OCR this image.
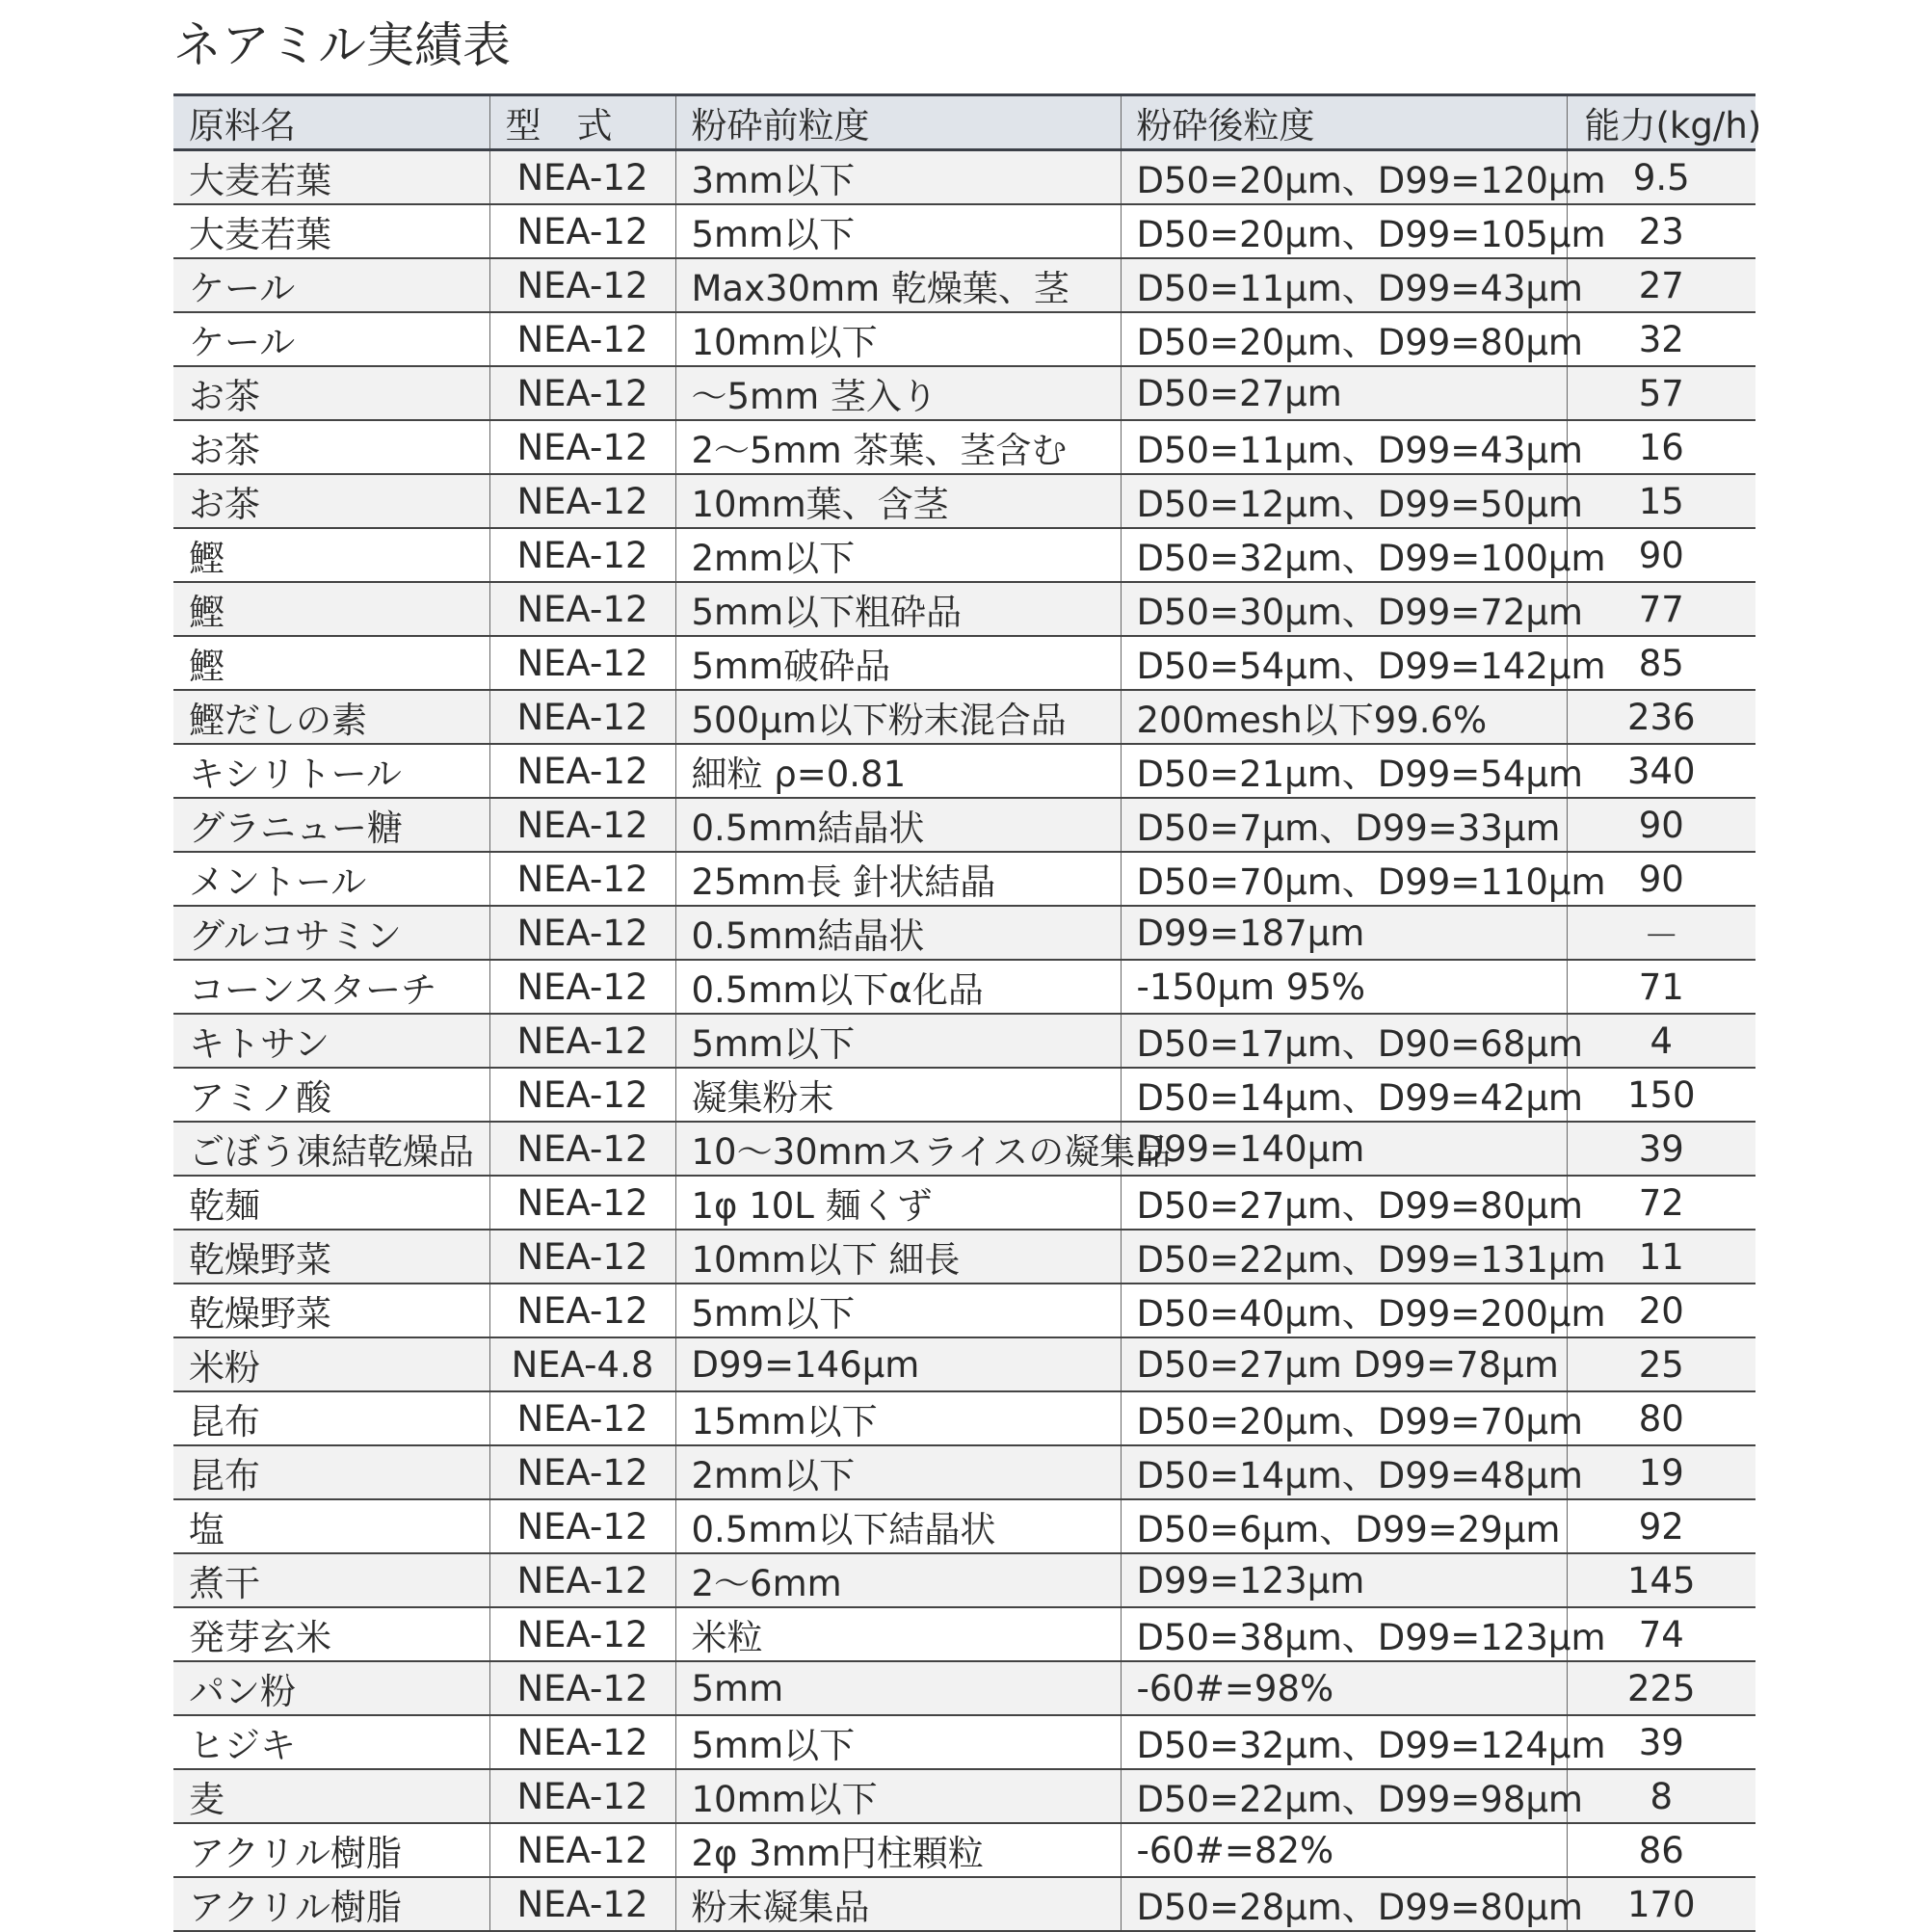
ネアミル実績表
原料名	型　式	粉砕前粒度	粉砕後粒度	能力(kg/h)
大麦若葉	NEA-12	3mm以下	D50=20μm、D99=120μm	9.5
大麦若葉	NEA-12	5mm以下	D50=20μm、D99=105μm	23
ケール	NEA-12	Max30mm 乾燥葉、茎	D50=11μm、D99=43μm	27
ケール	NEA-12	10mm以下	D50=20μm、D99=80μm	32
お茶	NEA-12	～5mm 茎入り	D50=27μm	57
お茶	NEA-12	2～5mm 茶葉、茎含む	D50=11μm、D99=43μm	16
お茶	NEA-12	10mm葉、含茎	D50=12μm、D99=50μm	15
鰹	NEA-12	2mm以下	D50=32μm、D99=100μm	90
鰹	NEA-12	5mm以下粗砕品	D50=30μm、D99=72μm	77
鰹	NEA-12	5mm破砕品	D50=54μm、D99=142μm	85
鰹だしの素	NEA-12	500μm以下粉末混合品	200mesh以下99.6%	236
キシリトール	NEA-12	細粒 ρ=0.81	D50=21μm、D99=54μm	340
グラニュー糖	NEA-12	0.5mm結晶状	D50=7μm、D99=33μm	90
メントール	NEA-12	25mm長 針状結晶	D50=70μm、D99=110μm	90
グルコサミン	NEA-12	0.5mm結晶状	D99=187μm	－
コーンスターチ	NEA-12	0.5mm以下α化品	-150μm 95%	71
キトサン	NEA-12	5mm以下	D50=17μm、D90=68μm	4
アミノ酸	NEA-12	凝集粉末	D50=14μm、D99=42μm	150
ごぼう凍結乾燥品	NEA-12	10～30mmスライスの凝集品	D99=140μm	39
乾麺	NEA-12	1φ 10L 麺くず	D50=27μm、D99=80μm	72
乾燥野菜	NEA-12	10mm以下 細長	D50=22μm、D99=131μm	11
乾燥野菜	NEA-12	5mm以下	D50=40μm、D99=200μm	20
米粉	NEA-4.8	D99=146μm	D50=27μm D99=78μm	25
昆布	NEA-12	15mm以下	D50=20μm、D99=70μm	80
昆布	NEA-12	2mm以下	D50=14μm、D99=48μm	19
塩	NEA-12	0.5mm以下結晶状	D50=6μm、D99=29μm	92
煮干	NEA-12	2～6mm	D99=123μm	145
発芽玄米	NEA-12	米粒	D50=38μm、D99=123μm	74
パン粉	NEA-12	5mm	-60#=98%	225
ヒジキ	NEA-12	5mm以下	D50=32μm、D99=124μm	39
麦	NEA-12	10mm以下	D50=22μm、D99=98μm	8
アクリル樹脂	NEA-12	2φ 3mm円柱顆粒	-60#=82%	86
アクリル樹脂	NEA-12	粉末凝集品	D50=28μm、D99=80μm	170
